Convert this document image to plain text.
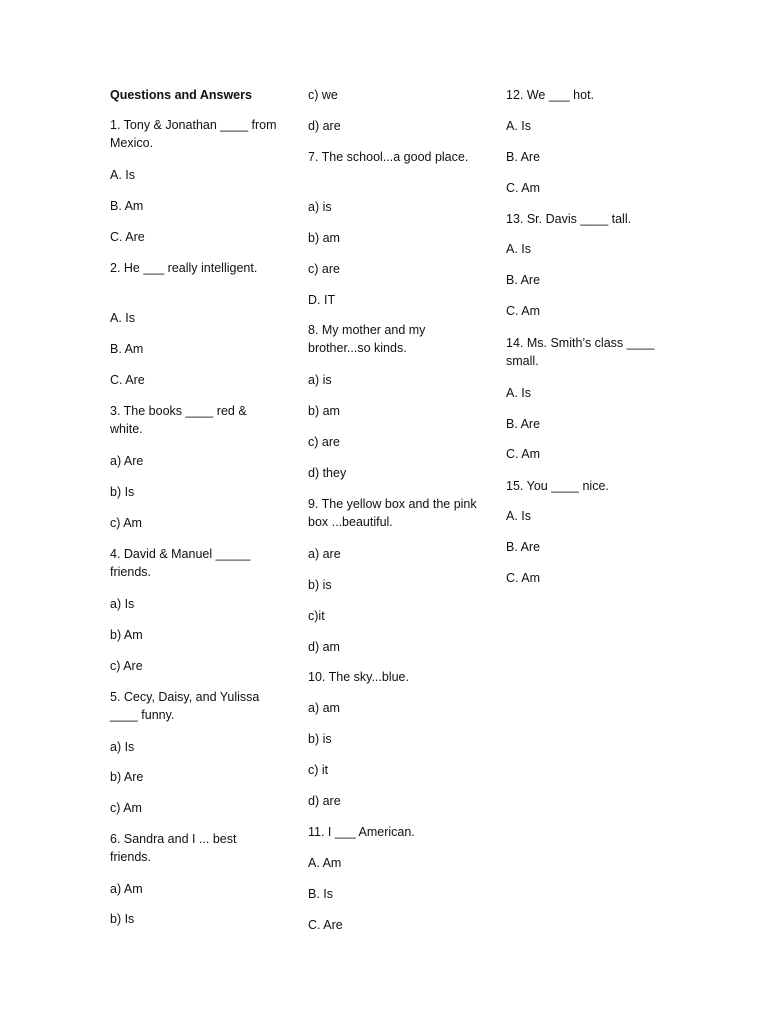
Questions and Answers
1. Tony & Jonathan ____ from Mexico.
A. Is
B. Am
C. Are
2. He ___ really intelligent.
A. Is
B. Am
C. Are
3. The books ____ red & white.
a) Are
b) Is
c) Am
4. David & Manuel _____ friends.
a) Is
b) Am
c) Are
5. Cecy, Daisy, and Yulissa ____ funny.
a) Is
b) Are
c) Am
6. Sandra and I ... best friends.
a) Am
b) Is
c) we
d) are
7. The school...a good place.
a) is
b) am
c) are
D. IT
8. My mother and my brother...so kinds.
a) is
b) am
c) are
d) they
9. The yellow box and the pink box ...beautiful.
a) are
b) is
c)it
d) am
10. The sky...blue.
a) am
b) is
c) it
d) are
11. I ___ American.
A. Am
B. Is
C. Are
12. We ___ hot.
A. Is
B. Are
C. Am
13. Sr. Davis ____ tall.
A. Is
B. Are
C. Am
14. Ms. Smith’s class ____ small.
A. Is
B. Are
C. Am
15. You ____ nice.
A. Is
B. Are
C. Am
